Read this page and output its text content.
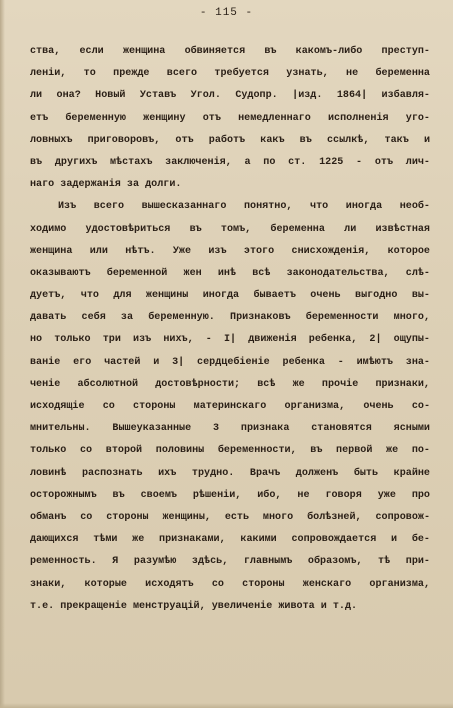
- 115 -
ства, если женщина обвиняется въ какомъ-либо преступ-
леніи, то прежде всего требуется узнать, не беременна
ли она? Новый Уставъ Угол. Судопр. |изд. 1864| избавля-
етъ беременную женщину отъ немедленнаго исполненія уго-
ловныхъ приговоровъ, отъ работъ какъ въ ссылкѣ, такъ и
въ другихъ мѣстахъ заключенія, а по ст. 1225 - отъ лич-
наго задержанія за долги.
Изъ всего вышесказаннаго понятно, что иногда необ-
ходимо удостовѣриться въ томъ, беременна ли извѣстная
женщина или нѣтъ. Уже изъ этого снисхожденія, которое
оказываютъ беременной жен инѣ всѣ законодательства, слѣ-
дуетъ, что для женщины иногда бываетъ очень выгодно вы-
давать себя за беременную. Признаковъ беременности много,
но только три изъ нихъ, - I| движенія ребенка, 2| ощупы-
ваніе его частей и 3| сердцебіеніе ребенка - имѣютъ зна-
ченіе абсолютной достовѣрности; всѣ же прочіе признаки,
исходящіе со стороны материнскаго организма, очень со-
мнительны. Вышеуказанные 3 признака становятся ясными
только со второй половины беременности, въ первой же по-
ловинѣ распознать ихъ трудно. Врачъ долженъ быть крайне
осторожнымъ въ своемъ рѣшеніи, ибо, не говоря уже про
обманъ со стороны женщины, есть много болѣзней, сопровож-
дающихся тѣми же признаками, какими сопровождается и бе-
ременность. Я разумѣю здѣсь, главнымъ образомъ, тѣ при-
знаки, которые исходятъ со стороны женскаго организма,
т.е. прекращеніе менструацій, увеличеніе живота и т.д.
